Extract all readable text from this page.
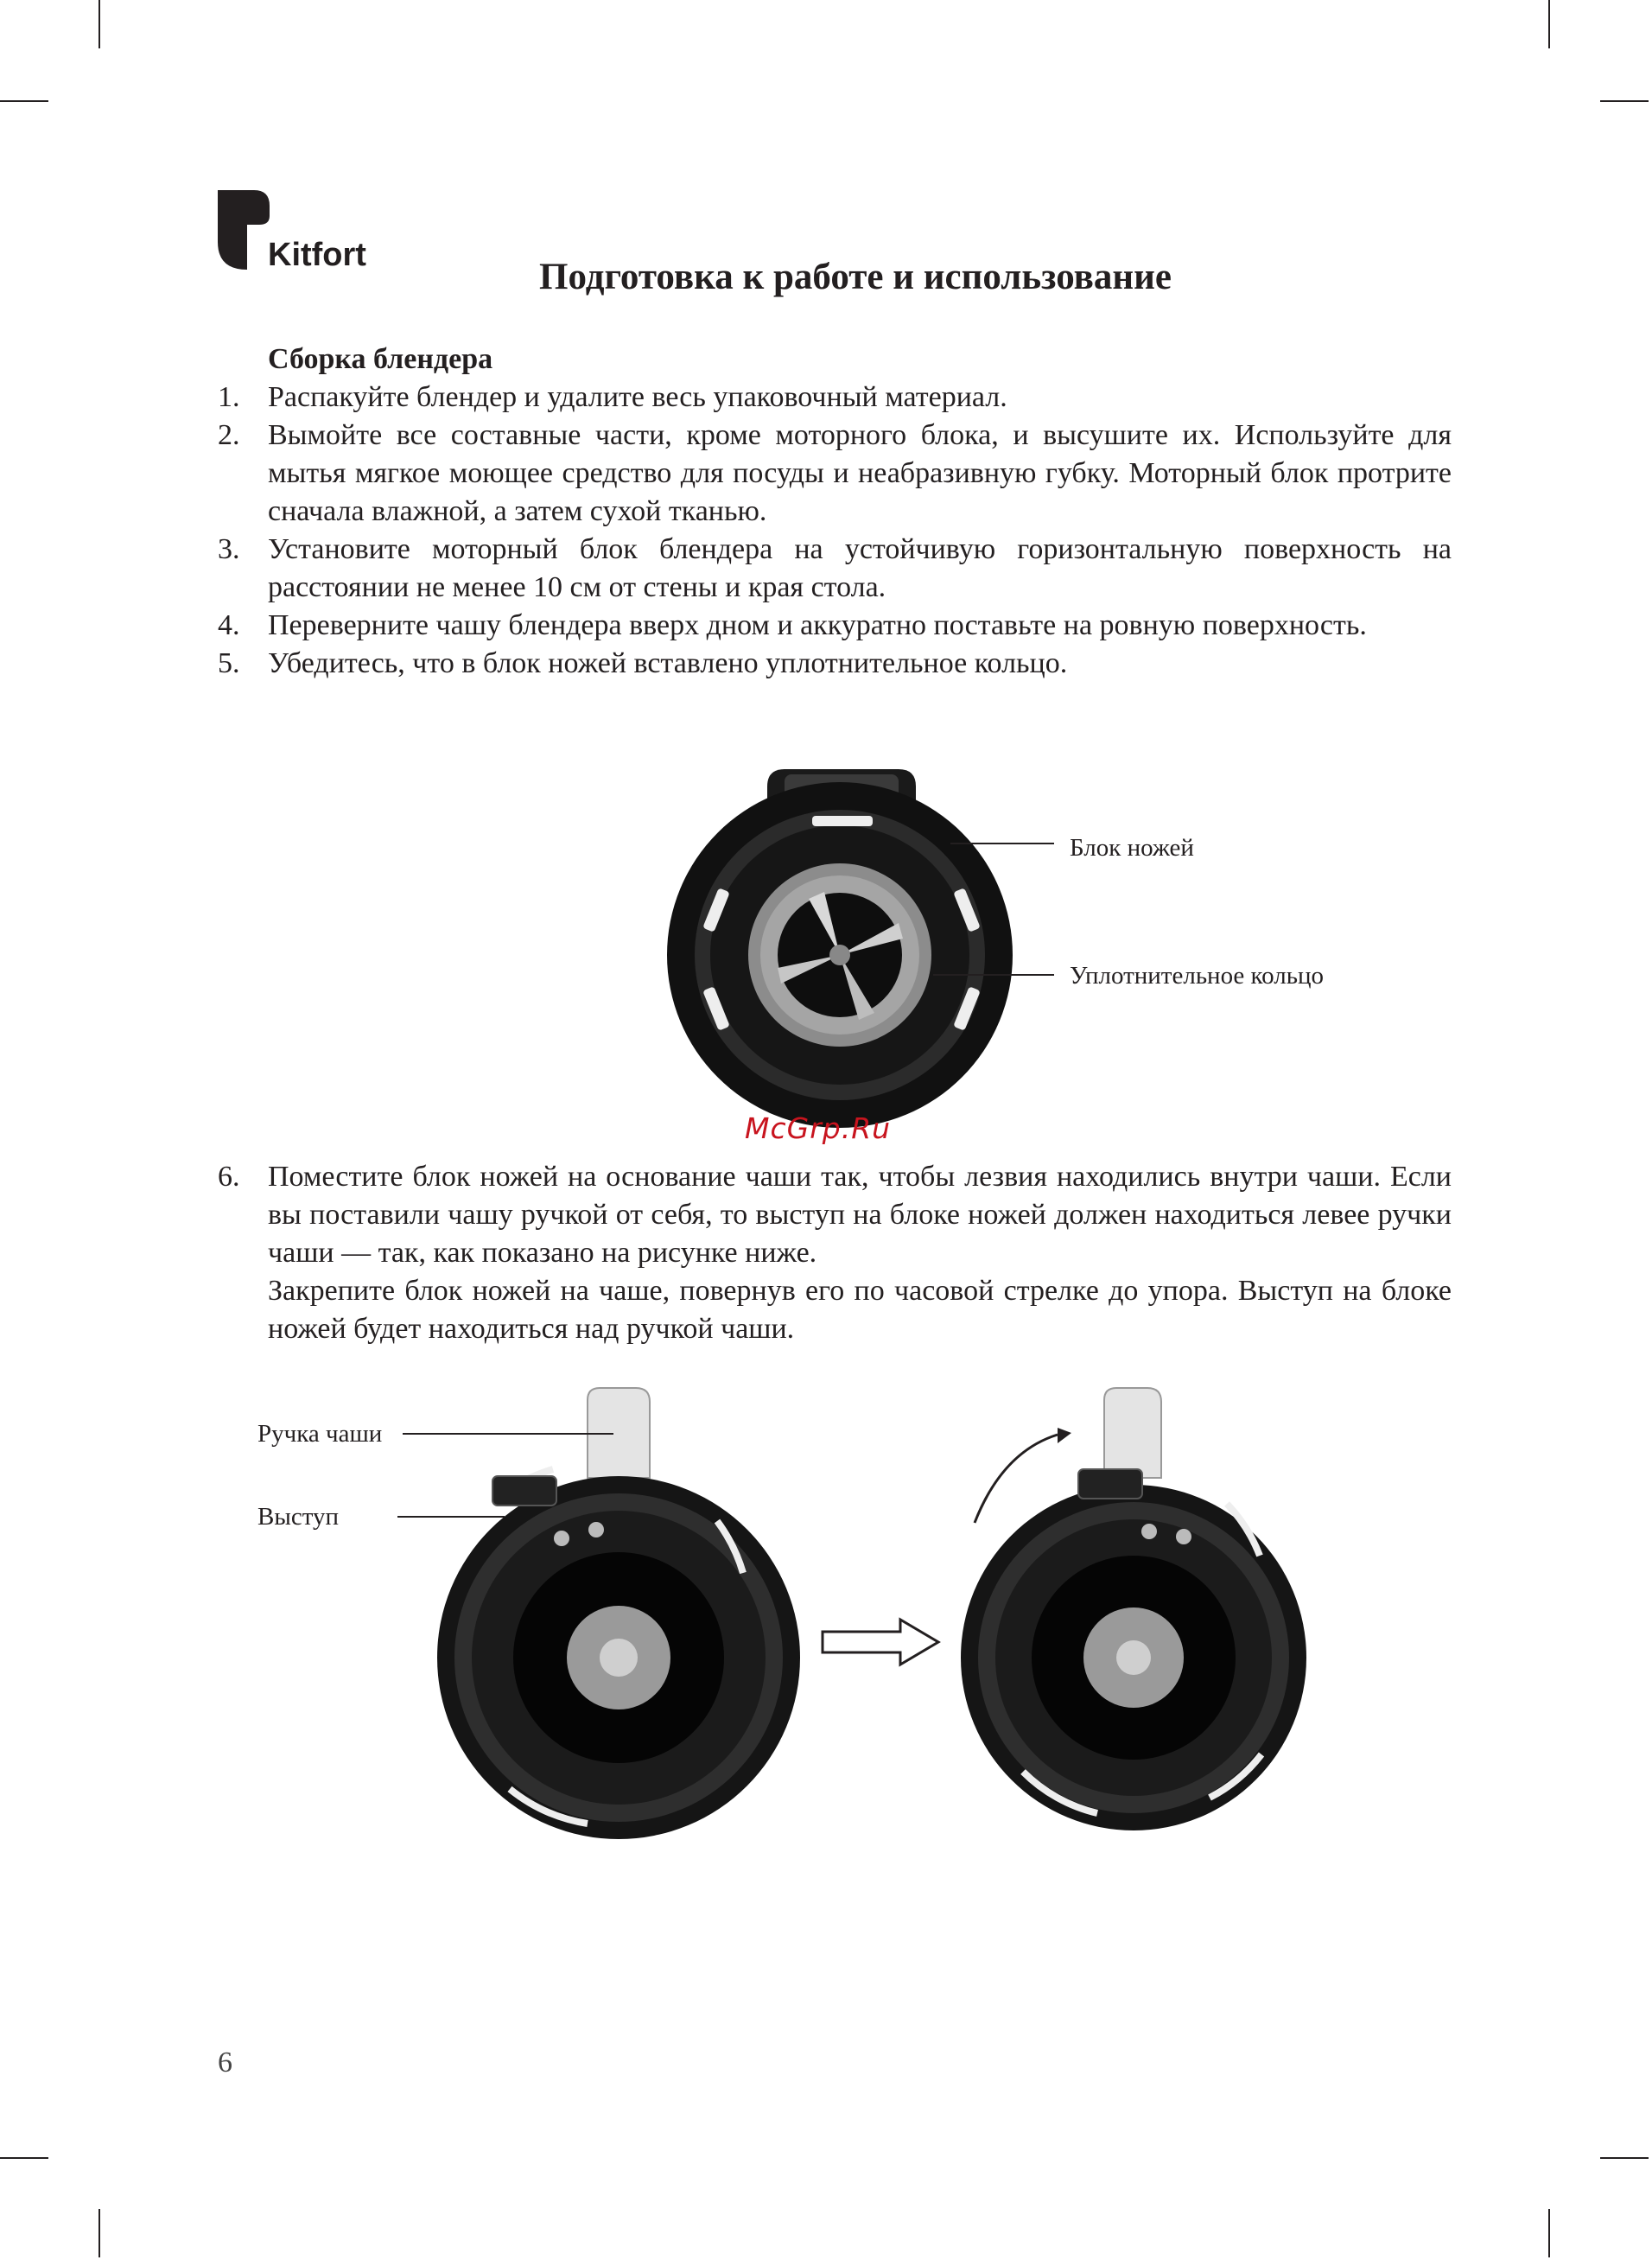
Kitfort
Подготовка к работе и использование
Сборка блендера
1. Распакуйте блендер и удалите весь упаковочный материал.
2. Вымойте все составные части, кроме моторного блока, и высушите их. Используйте для мытья мягкое моющее средство для посуды и неабразивную губку. Моторный блок протрите сначала влажной, а затем сухой тканью.
3. Установите моторный блок блендера на устойчивую горизонтальную поверхность на расстоянии не менее 10 см от стены и края стола.
4. Переверните чашу блендера вверх дном и аккуратно поставьте на ровную поверхность.
5. Убедитесь, что в блок ножей вставлено уплотнительное кольцо.
Блок ножей
Уплотнительное кольцо
McGrp.Ru
6. Поместите блок ножей на основание чаши так, чтобы лезвия находились внутри чаши. Если вы поставили чашу ручкой от себя, то выступ на блоке ножей должен находиться левее ручки чаши — так, как показано на рисунке ниже.
Закрепите блок ножей на чаше, повернув его по часовой стрелке до упора. Выступ на блоке ножей будет находиться над ручкой чаши.
Ручка чаши
Выступ
6
